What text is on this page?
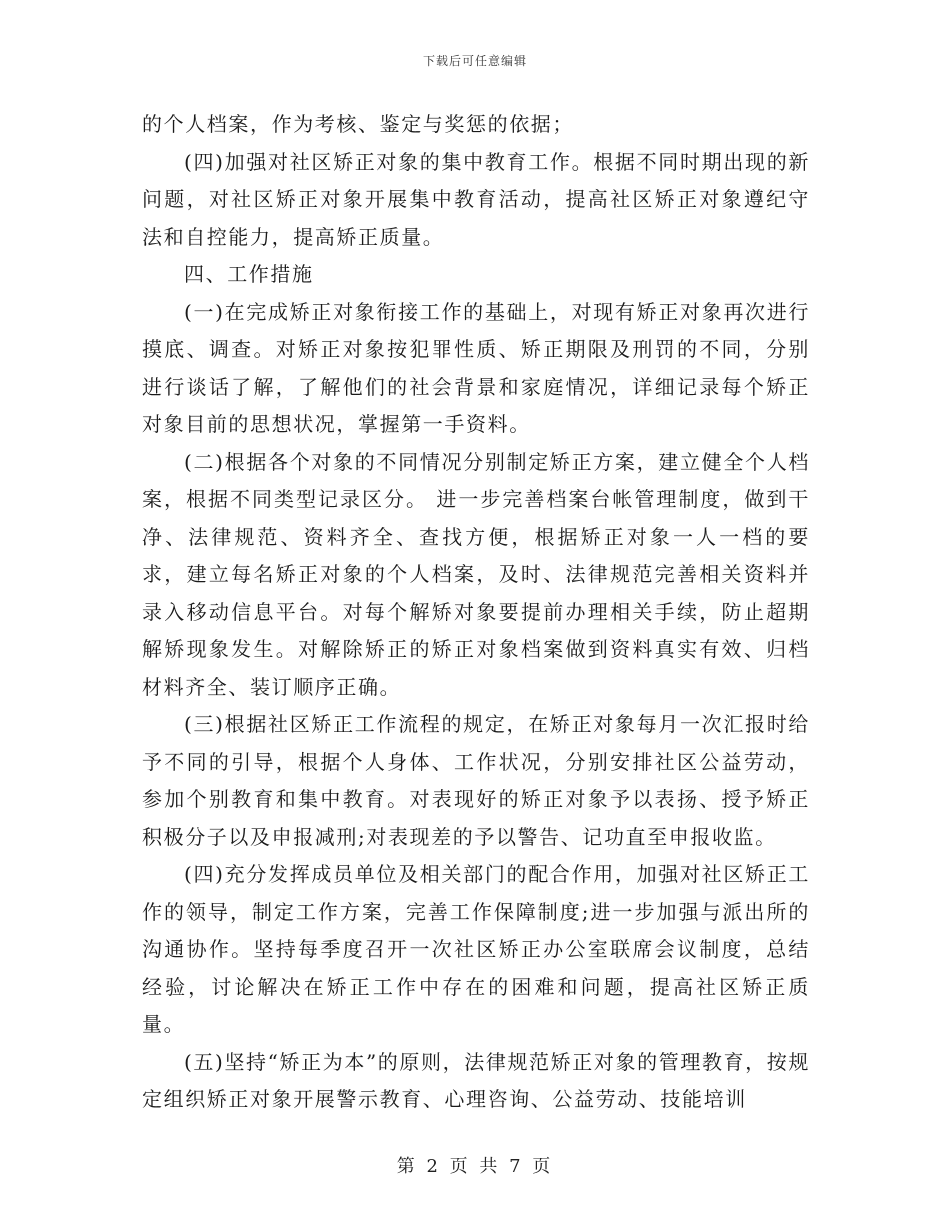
下载后可任意编辑

的个人档案，作为考核、鉴定与奖惩的依据；

(四)加强对社区矫正对象的集中教育工作。根据不同时期出现的新问题，对社区矫正对象开展集中教育活动，提高社区矫正对象遵纪守法和自控能力，提高矫正质量。

四、工作措施

(一)在完成矫正对象衔接工作的基础上，对现有矫正对象再次进行摸底、调查。对矫正对象按犯罪性质、矫正期限及刑罚的不同，分别进行谈话了解，了解他们的社会背景和家庭情况，详细记录每个矫正对象目前的思想状况，掌握第一手资料。

(二)根据各个对象的不同情况分别制定矫正方案，建立健全个人档案，根据不同类型记录区分。 进一步完善档案台帐管理制度，做到干净、法律规范、资料齐全、查找方便，根据矫正对象一人一档的要求，建立每名矫正对象的个人档案，及时、法律规范完善相关资料并录入移动信息平台。对每个解矫对象要提前办理相关手续，防止超期解矫现象发生。对解除矫正的矫正对象档案做到资料真实有效、归档材料齐全、装订顺序正确。

(三)根据社区矫正工作流程的规定，在矫正对象每月一次汇报时给予不同的引导，根据个人身体、工作状况，分别安排社区公益劳动，参加个别教育和集中教育。对表现好的矫正对象予以表扬、授予矫正积极分子以及申报减刑;对表现差的予以警告、记功直至申报收监。

(四)充分发挥成员单位及相关部门的配合作用，加强对社区矫正工作的领导，制定工作方案，完善工作保障制度;进一步加强与派出所的沟通协作。坚持每季度召开一次社区矫正办公室联席会议制度，总结经验，讨论解决在矫正工作中存在的困难和问题，提高社区矫正质量。

(五)坚持“矫正为本”的原则，法律规范矫正对象的管理教育，按规定组织矫正对象开展警示教育、心理咨询、公益劳动、技能培训

第 2 页 共 7 页
